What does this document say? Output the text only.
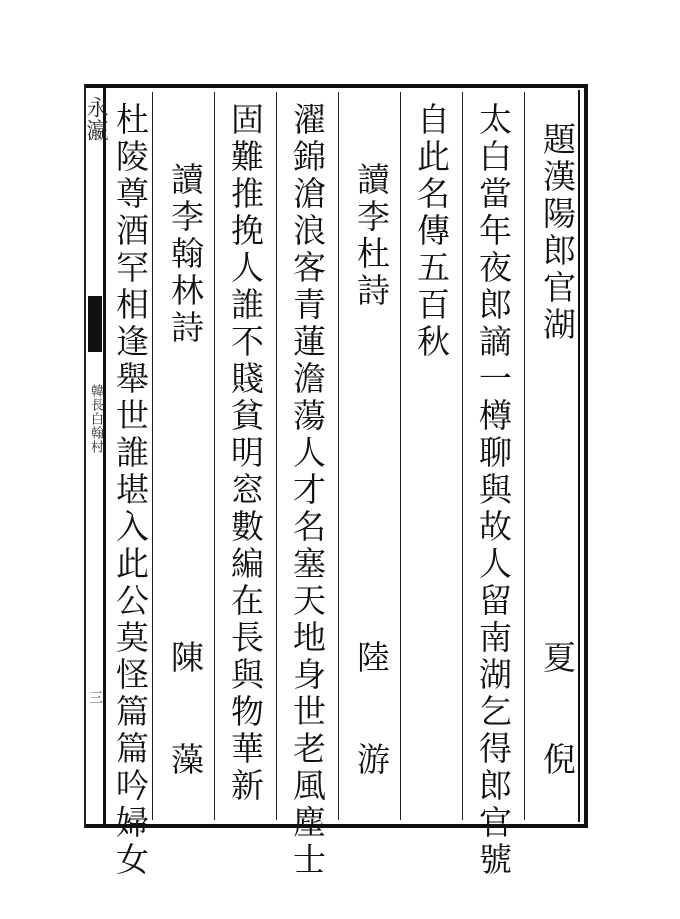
永瀛
韓長白翰村
三
題漢陽郎官湖
夏　倪
太白當年夜郎謫一樽聊與故人留南湖乞得郎官號
自此名傳五百秋
讀李杜詩
陸　游
濯錦滄浪客青蓮澹蕩人才名塞天地身世老風塵士
固難推挽人誰不賤貧明窓數編在長與物華新
讀李翰林詩
陳　藻
杜陵尊酒罕相逢舉世誰堪入此公莫怪篇篇吟婦女
